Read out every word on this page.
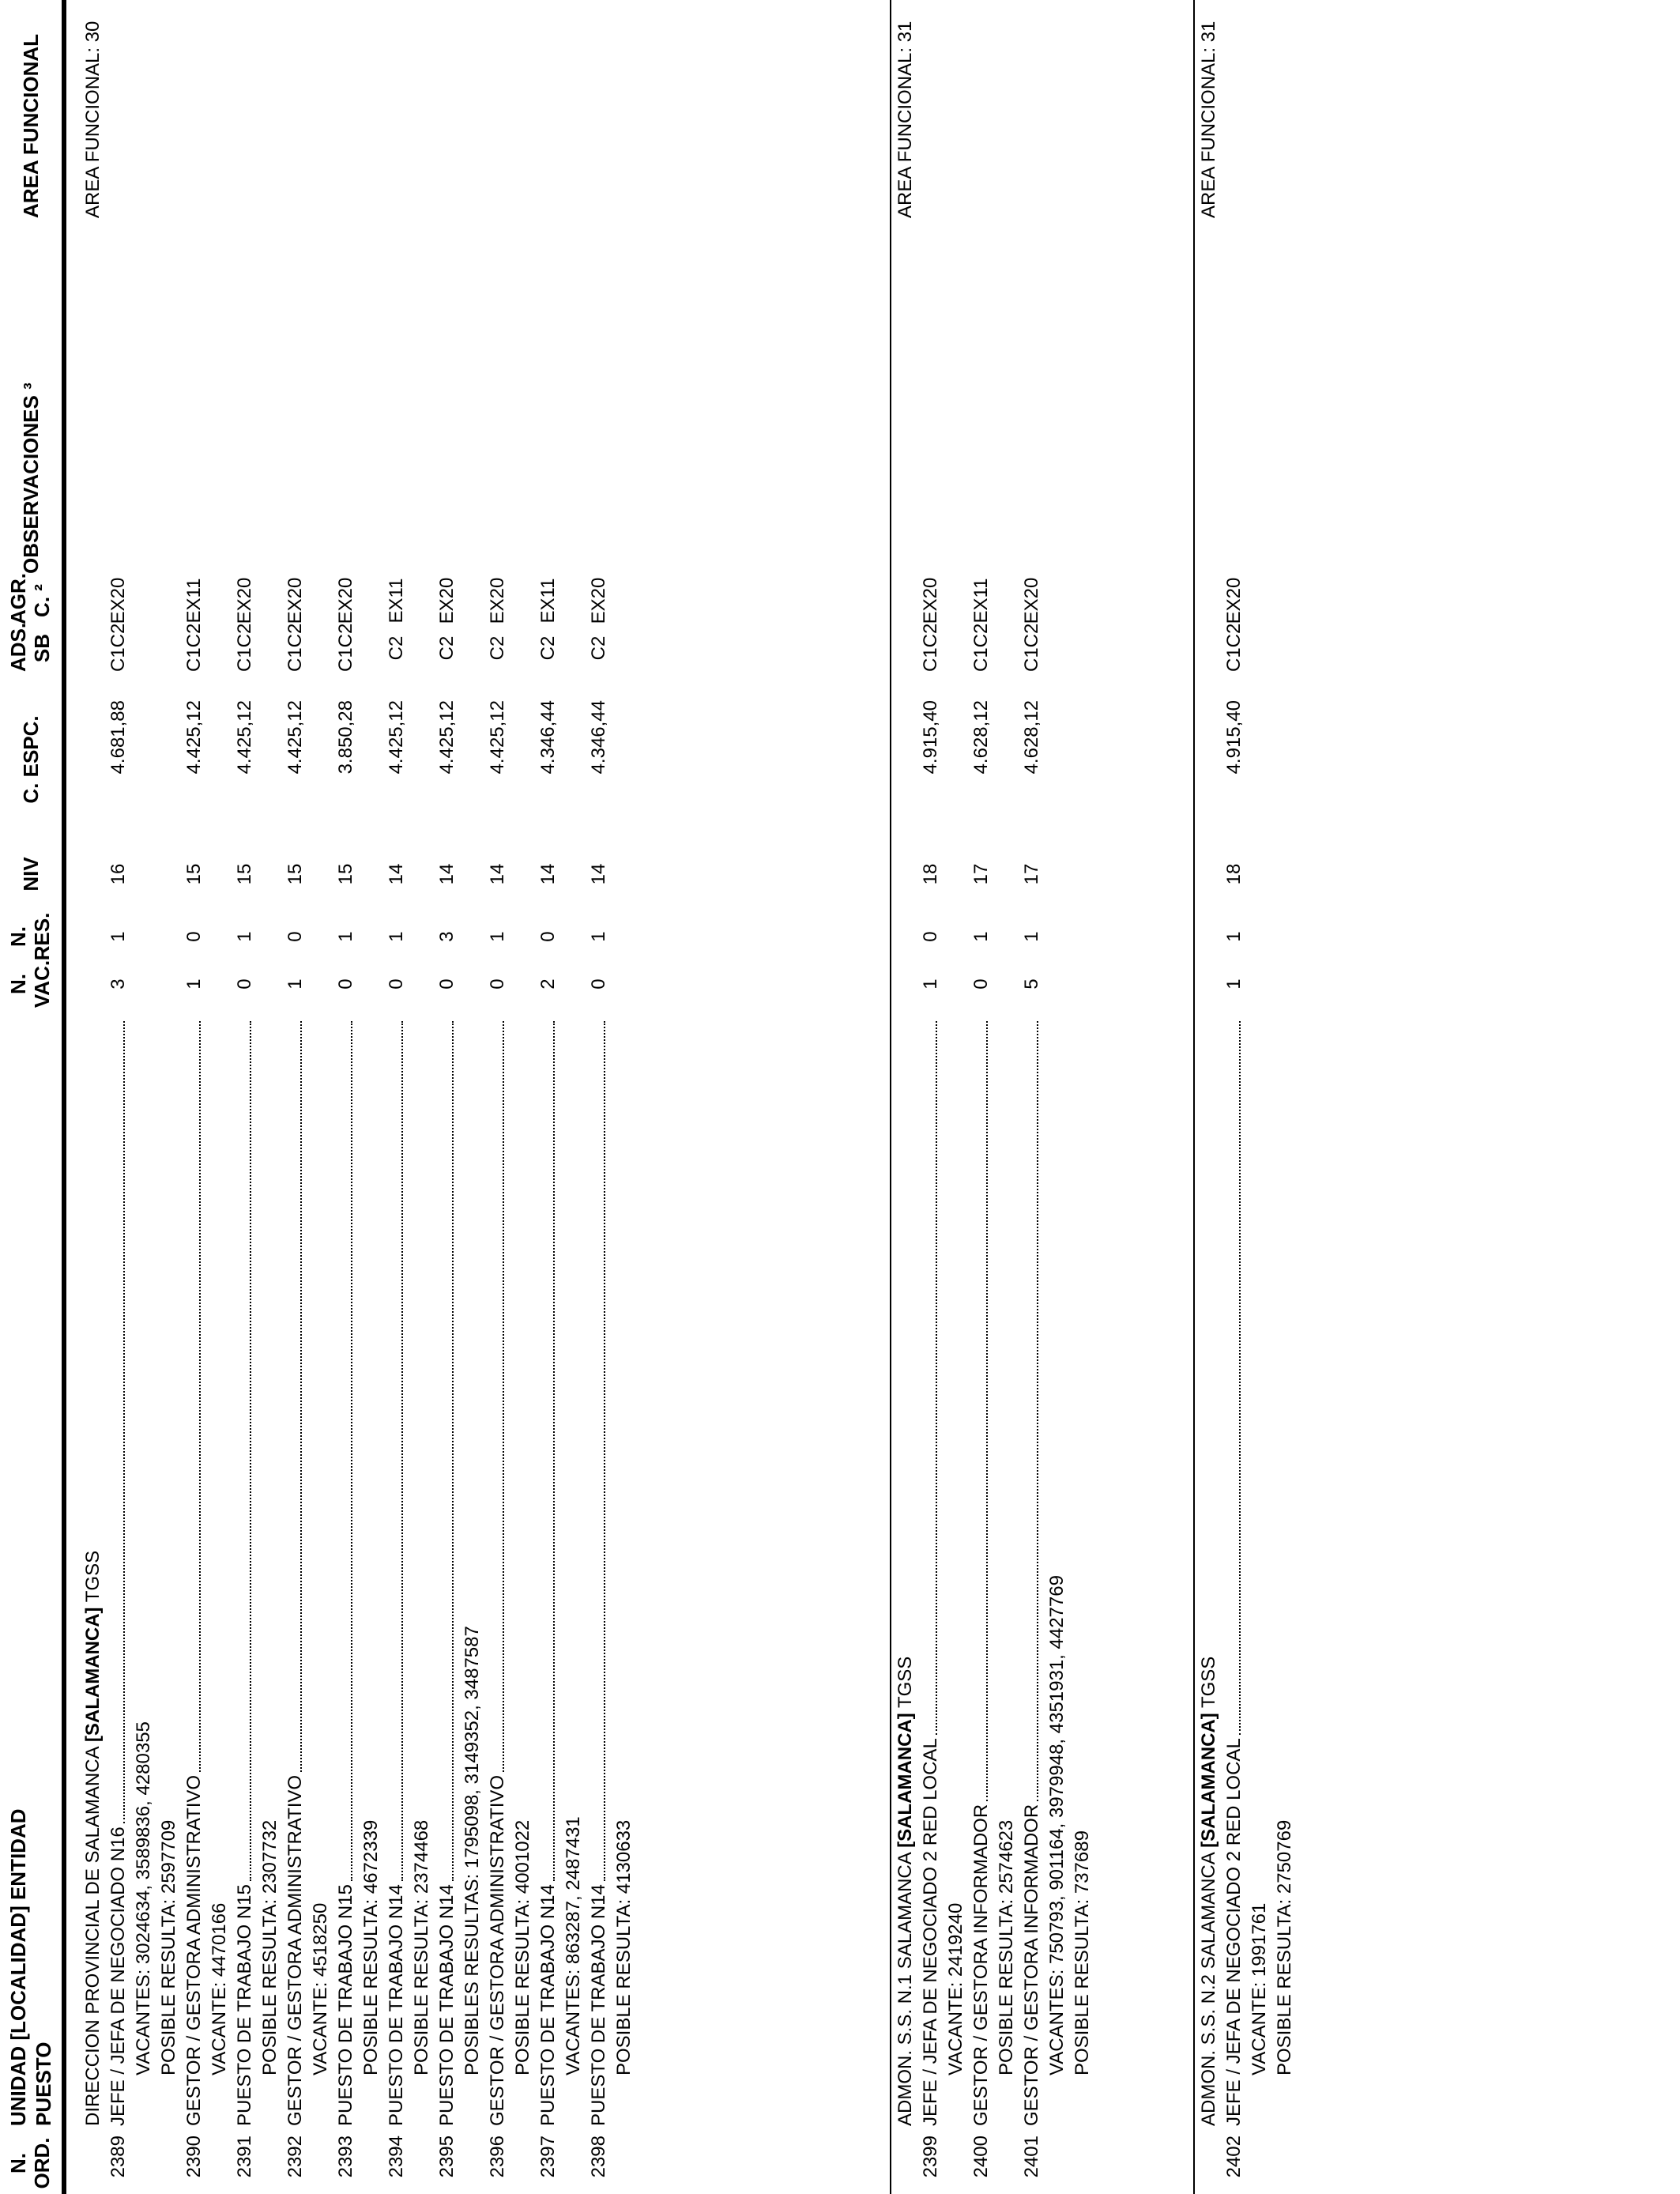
N. ORD.
UNIDAD [LOCALIDAD] ENTIDAD PUESTO
N. VAC.
N. RES.
NIV
C. ESPC.
ADS. SB
AGR. C. ²
OBSERVACIONES ³
AREA FUNCIONAL
DIRECCION PROVINCIAL DE SALAMANCA [SALAMANCA] TGSS
AREA FUNCIONAL: 30
2389
JEFE / JEFA DE NEGOCIADO N16
3
1
16
4.681,88
C1C2
EX20
VACANTES: 3024634, 3589836, 4280355 POSIBLE RESULTA: 2597709
2390
GESTOR / GESTORA ADMINISTRATIVO
1
0
15
4.425,12
C1C2
EX11
VACANTE: 4470166
2391
PUESTO DE TRABAJO N15
0
1
15
4.425,12
C1C2
EX20
POSIBLE RESULTA: 2307732
2392
GESTOR / GESTORA ADMINISTRATIVO
1
0
15
4.425,12
C1C2
EX20
VACANTE: 4518250
2393
PUESTO DE TRABAJO N15
0
1
15
3.850,28
C1C2
EX20
POSIBLE RESULTA: 4672339
2394
PUESTO DE TRABAJO N14
0
1
14
4.425,12
C2
EX11
POSIBLE RESULTA: 2374468
2395
PUESTO DE TRABAJO N14
0
3
14
4.425,12
C2
EX20
POSIBLES RESULTAS: 1795098, 3149352, 3487587
2396
GESTOR / GESTORA ADMINISTRATIVO
0
1
14
4.425,12
C2
EX20
POSIBLE RESULTA: 4001022
2397
PUESTO DE TRABAJO N14
2
0
14
4.346,44
C2
EX11
VACANTES: 863287, 2487431
2398
PUESTO DE TRABAJO N14
0
1
14
4.346,44
C2
EX20
POSIBLE RESULTA: 4130633	ADMON. S.S. N.1 SALAMANCA [SALAMANCA] TGSS
AREA FUNCIONAL: 31
2399
JEFE / JEFA DE NEGOCIADO 2 RED LOCAL
1
0
18
4.915,40
C1C2
EX20
VACANTE: 2419240
2400
GESTOR / GESTORA INFORMADOR
0
1
17
4.628,12
C1C2
EX11
POSIBLE RESULTA: 2574623
2401
GESTOR / GESTORA INFORMADOR
5
1
17
4.628,12
C1C2
EX20
VACANTES: 750793, 901164, 3979948, 4351931, 4427769 POSIBLE RESULTA: 737689	ADMON. S.S. N.2 SALAMANCA [SALAMANCA] TGSS
AREA FUNCIONAL: 31
2402
JEFE / JEFA DE NEGOCIADO 2 RED LOCAL
1
1
18
4.915,40
C1C2
EX20
VACANTE: 1991761 POSIBLE RESULTA: 2750769
